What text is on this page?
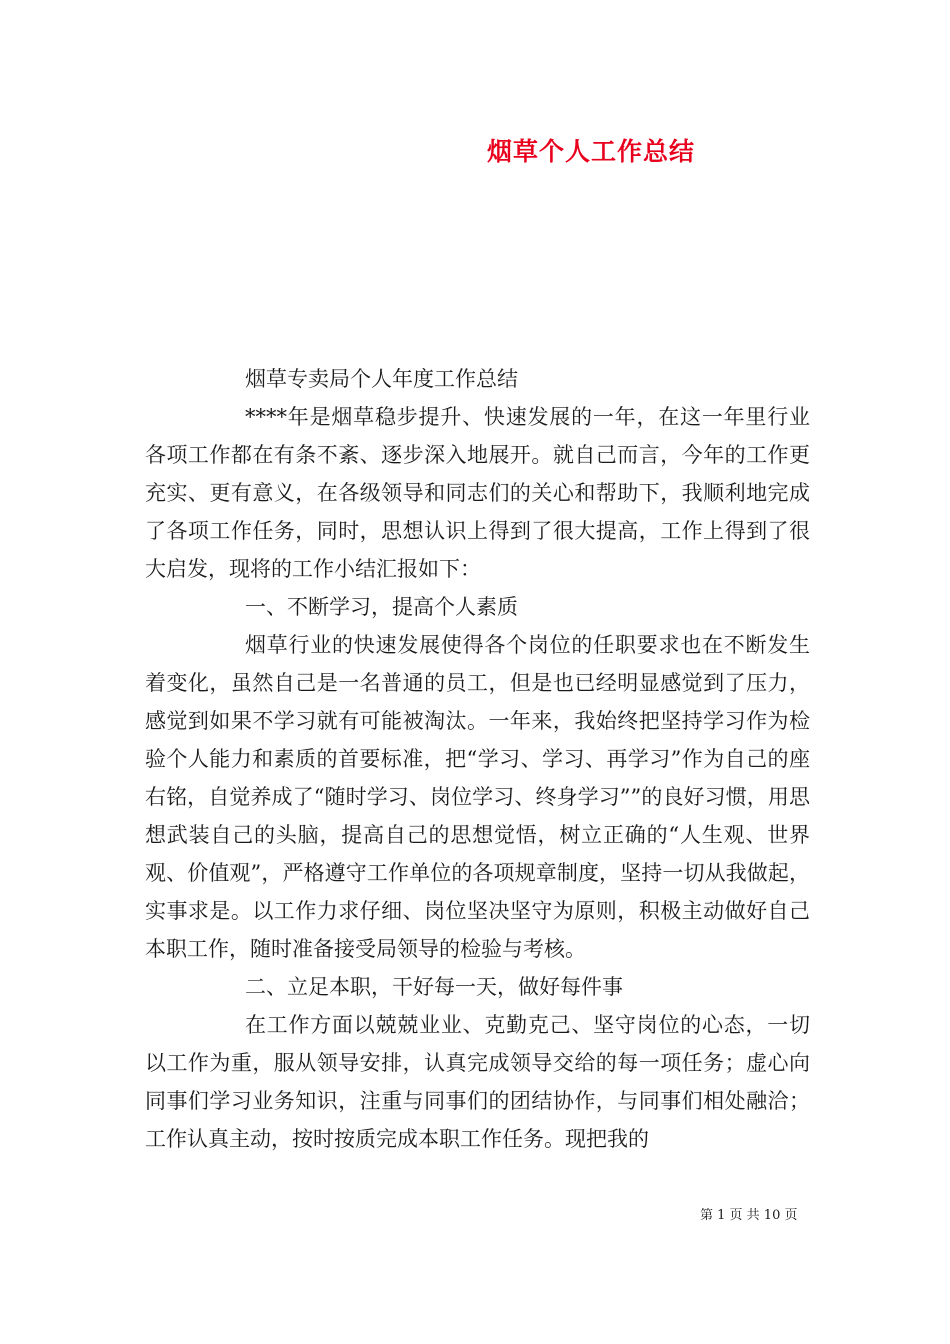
烟草个人工作总结

烟草专卖局个人年度工作总结

****年是烟草稳步提升、快速发展的一年，在这一年里行业各项工作都在有条不紊、逐步深入地展开。就自己而言，今年的工作更充实、更有意义，在各级领导和同志们的关心和帮助下，我顺利地完成了各项工作任务，同时，思想认识上得到了很大提高，工作上得到了很大启发，现将的工作小结汇报如下：

一、不断学习，提高个人素质

烟草行业的快速发展使得各个岗位的任职要求也在不断发生着变化，虽然自己是一名普通的员工，但是也已经明显感觉到了压力，感觉到如果不学习就有可能被淘汰。一年来，我始终把坚持学习作为检验个人能力和素质的首要标准，把“学习、学习、再学习”作为自己的座右铭，自觉养成了“随时学习、岗位学习、终身学习””的良好习惯，用思想武装自己的头脑，提高自己的思想觉悟，树立正确的“人生观、世界观、价值观”，严格遵守工作单位的各项规章制度，坚持一切从我做起，实事求是。以工作力求仔细、岗位坚决坚守为原则，积极主动做好自己本职工作，随时准备接受局领导的检验与考核。

二、立足本职，干好每一天，做好每件事

在工作方面以兢兢业业、克勤克己、坚守岗位的心态，一切以工作为重，服从领导安排，认真完成领导交给的每一项任务；虚心向同事们学习业务知识，注重与同事们的团结协作，与同事们相处融洽；工作认真主动，按时按质完成本职工作任务。现把我的

第 1 页 共 10 页
